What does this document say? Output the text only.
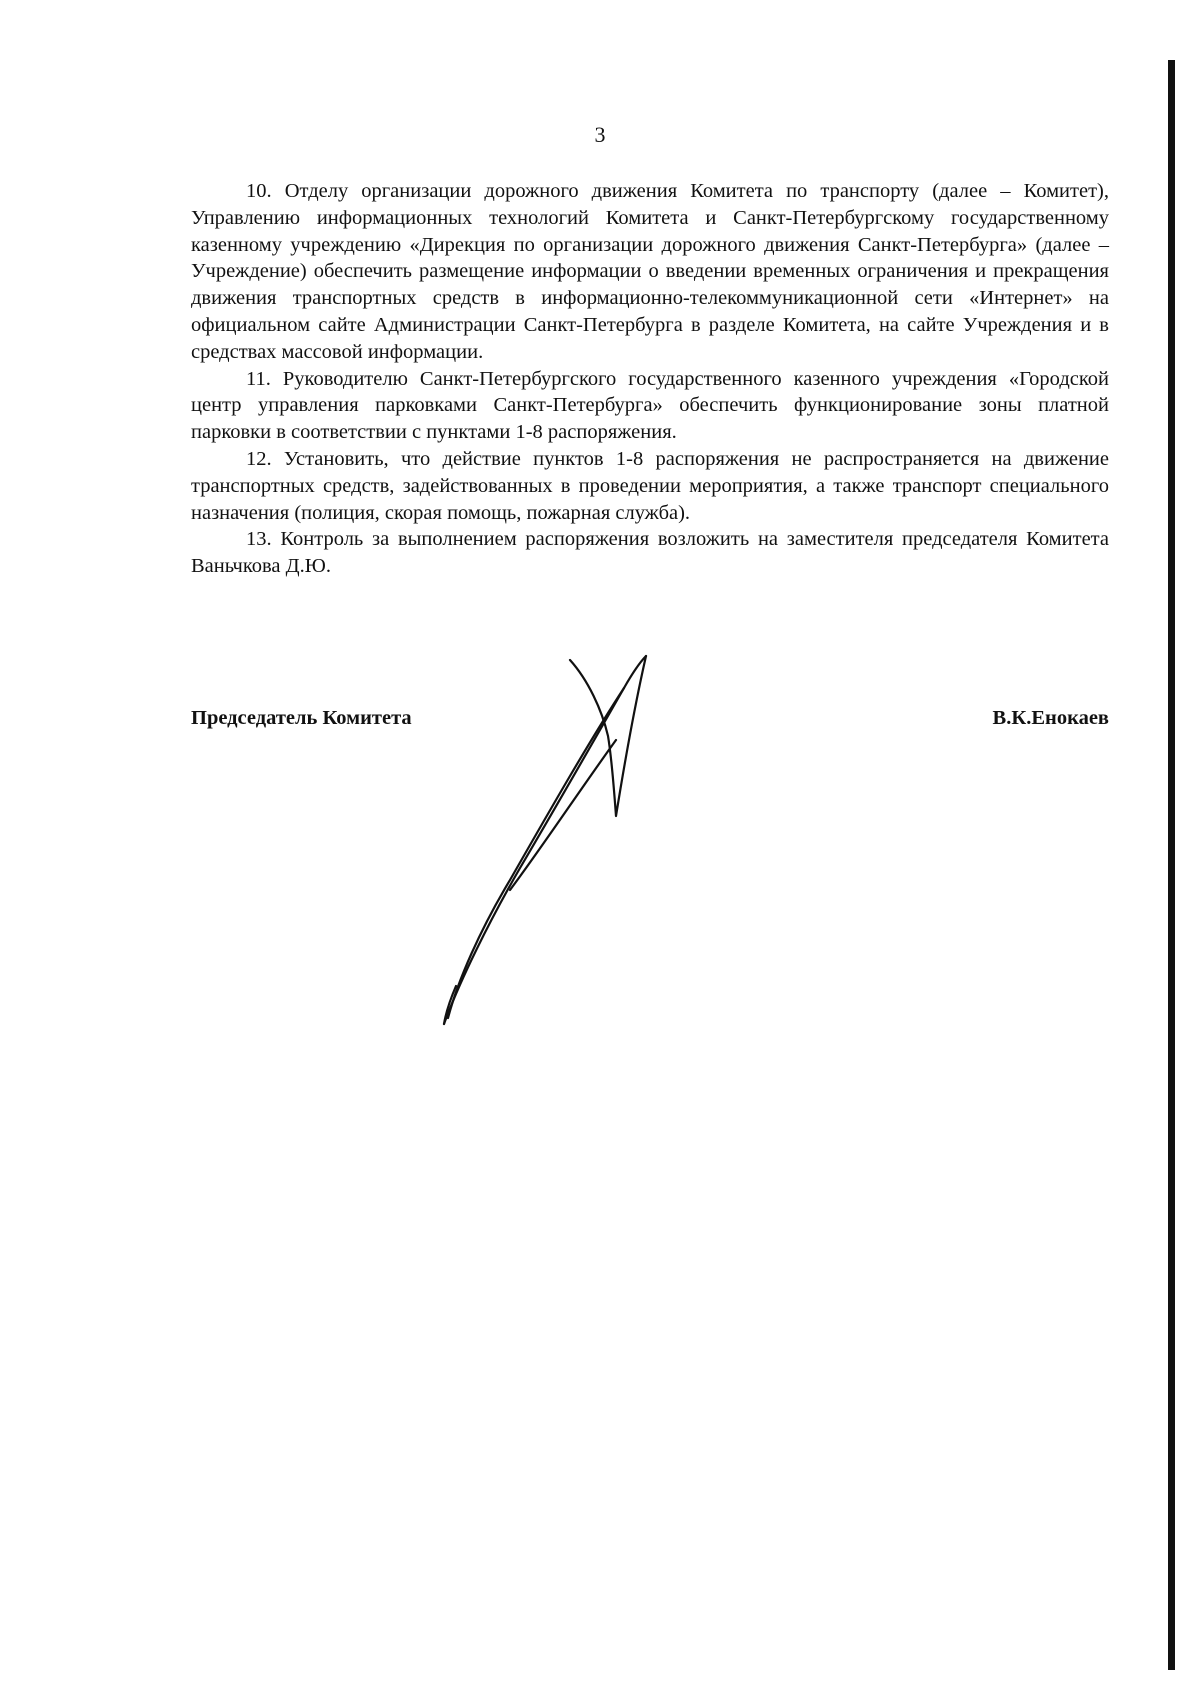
3

10. Отделу организации дорожного движения Комитета по транспорту (далее – Комитет), Управлению информационных технологий Комитета и Санкт-Петербургскому государственному казенному учреждению «Дирекция по организации дорожного движения Санкт-Петербурга» (далее – Учреждение) обеспечить размещение информации о введении временных ограничения и прекращения движения транспортных средств в информационно-телекоммуникационной сети «Интернет» на официальном сайте Администрации Санкт-Петербурга в разделе Комитета, на сайте Учреждения и в средствах массовой информации.

11. Руководителю Санкт-Петербургского государственного казенного учреждения «Городской центр управления парковками Санкт-Петербурга» обеспечить функционирование зоны платной парковки в соответствии с пунктами 1-8 распоряжения.

12. Установить, что действие пунктов 1-8 распоряжения не распространяется на движение транспортных средств, задействованных в проведении мероприятия, а также транспорт специального назначения (полиция, скорая помощь, пожарная служба).

13. Контроль за выполнением распоряжения возложить на заместителя председателя Комитета Ваньчкова Д.Ю.

Председатель Комитета	В.К.Енокаев
